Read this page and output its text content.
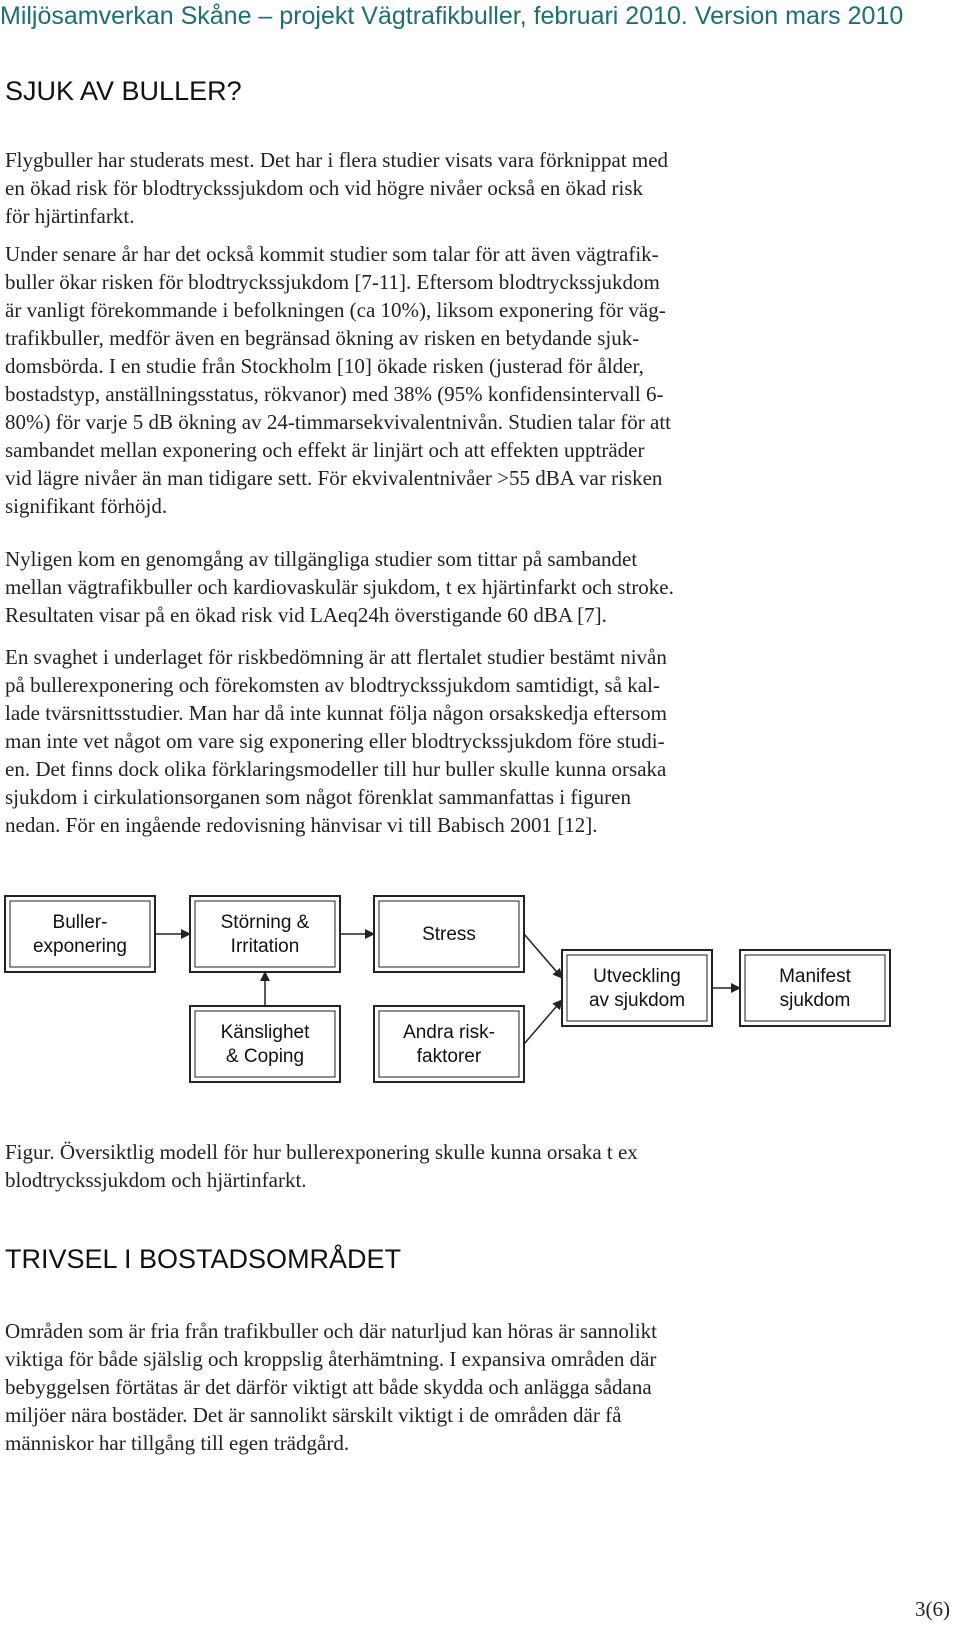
Miljösamverkan Skåne – projekt Vägtrafikbuller, februari 2010. Version mars 2010
SJUK AV BULLER?

Flygbuller har studerats mest. Det har i flera studier visats vara förknippat med
en ökad risk för blodtryckssjukdom och vid högre nivåer också en ökad risk
för hjärtinfarkt.

Under senare år har det också kommit studier som talar för att även vägtrafik-
buller ökar risken för blodtryckssjukdom [7-11]. Eftersom blodtryckssjukdom
är vanligt förekommande i befolkningen (ca 10%), liksom exponering för väg-
trafikbuller, medför även en begränsad ökning av risken en betydande sjuk-
domsbörda. I en studie från Stockholm [10] ökade risken (justerad för ålder,
bostadstyp, anställningsstatus, rökvanor) med 38% (95% konfidensintervall 6-
80%) för varje 5 dB ökning av 24-timmarsekvivalentnivån. Studien talar för att
sambandet mellan exponering och effekt är linjärt och att effekten uppträder
vid lägre nivåer än man tidigare sett. För ekvivalentnivåer >55 dBA var risken
signifikant förhöjd.

Nyligen kom en genomgång av tillgängliga studier som tittar på sambandet
mellan vägtrafikbuller och kardiovaskulär sjukdom, t ex hjärtinfarkt och stroke.
Resultaten visar på en ökad risk vid LAeq24h överstigande 60 dBA [7].

En svaghet i underlaget för riskbedömning är att flertalet studier bestämt nivån
på bullerexponering och förekomsten av blodtryckssjukdom samtidigt, så kal-
lade tvärsnittsstudier. Man har då inte kunnat följa någon orsakskedja eftersom
man inte vet något om vare sig exponering eller blodtryckssjukdom före studi-
en. Det finns dock olika förklaringsmodeller till hur buller skulle kunna orsaka
sjukdom i cirkulationsorganen som något förenklat sammanfattas i figuren
nedan. För en ingående redovisning hänvisar vi till Babisch 2001 [12].

Buller-
exponering
Störning &
Irritation
Stress
Känslighet
& Coping
Andra risk-
faktorer
Utveckling
av sjukdom
Manifest
sjukdom
Figur. Översiktlig modell för hur bullerexponering skulle kunna orsaka t ex
blodtryckssjukdom och hjärtinfarkt.
TRIVSEL I BOSTADSOMRÅDET

Områden som är fria från trafikbuller och där naturljud kan höras är sannolikt
viktiga för både själslig och kroppslig återhämtning. I expansiva områden där
bebyggelsen förtätas är det därför viktigt att både skydda och anlägga sådana
miljöer nära bostäder. Det är sannolikt särskilt viktigt i de områden där få
människor har tillgång till egen trädgård.

3(6)
